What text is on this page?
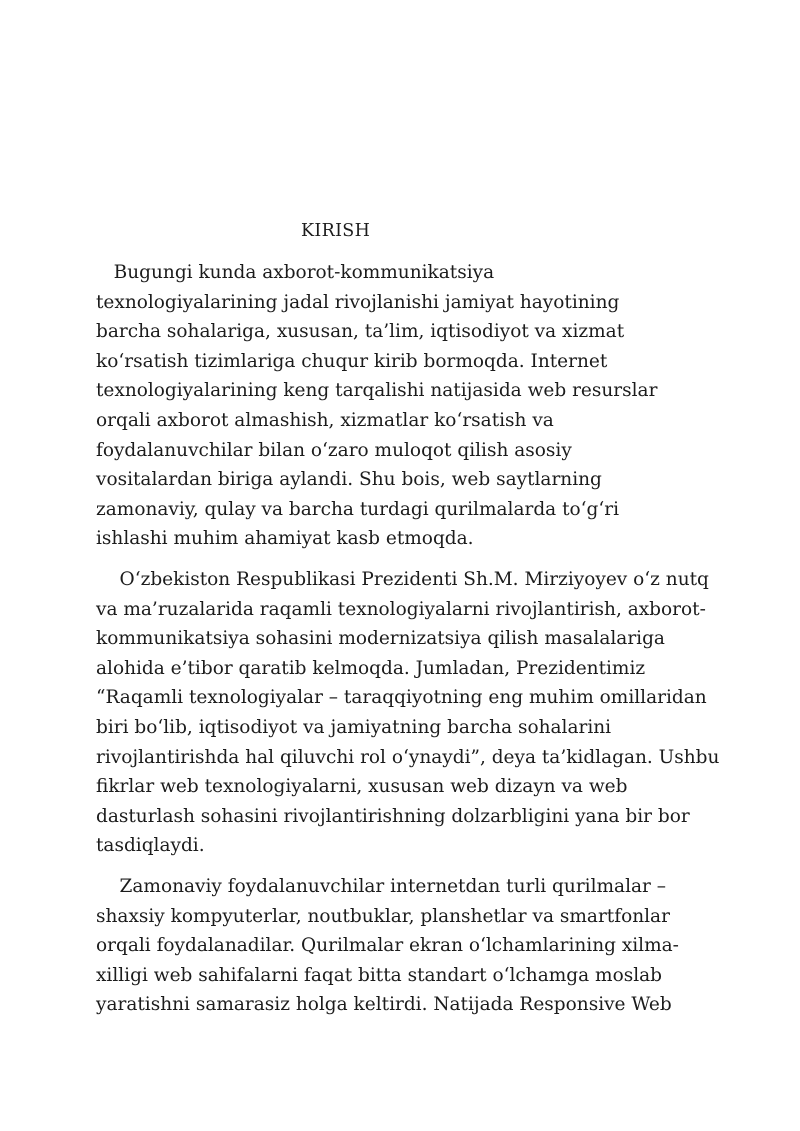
KIRISH
Bugungi kunda axborot-kommunikatsiya
texnologiyalarining jadal rivojlanishi jamiyat hayotining
barcha sohalariga, xususan, ta’lim, iqtisodiyot va xizmat
ko‘rsatish tizimlariga chuqur kirib bormoqda. Internet
texnologiyalarining keng tarqalishi natijasida web resurslar
orqali axborot almashish, xizmatlar ko‘rsatish va
foydalanuvchilar bilan o‘zaro muloqot qilish asosiy
vositalardan biriga aylandi. Shu bois, web saytlarning
zamonaviy, qulay va barcha turdagi qurilmalarda to‘g‘ri
ishlashi muhim ahamiyat kasb etmoqda.
O‘zbekiston Respublikasi Prezidenti Sh.M. Mirziyoyev o‘z nutq
va ma’ruzalarida raqamli texnologiyalarni rivojlantirish, axborot-
kommunikatsiya sohasini modernizatsiya qilish masalalariga
alohida e’tibor qaratib kelmoqda. Jumladan, Prezidentimiz
“Raqamli texnologiyalar – taraqqiyotning eng muhim omillaridan
biri bo‘lib, iqtisodiyot va jamiyatning barcha sohalarini
rivojlantirishda hal qiluvchi rol o‘ynaydi”, deya ta’kidlagan. Ushbu
fikrlar web texnologiyalarni, xususan web dizayn va web
dasturlash sohasini rivojlantirishning dolzarbligini yana bir bor
tasdiqlaydi.
Zamonaviy foydalanuvchilar internetdan turli qurilmalar –
shaxsiy kompyuterlar, noutbuklar, planshetlar va smartfonlar
orqali foydalanadilar. Qurilmalar ekran o‘lchamlarining xilma-
xilligi web sahifalarni faqat bitta standart o‘lchamga moslab
yaratishni samarasiz holga keltirdi. Natijada Responsive Web
